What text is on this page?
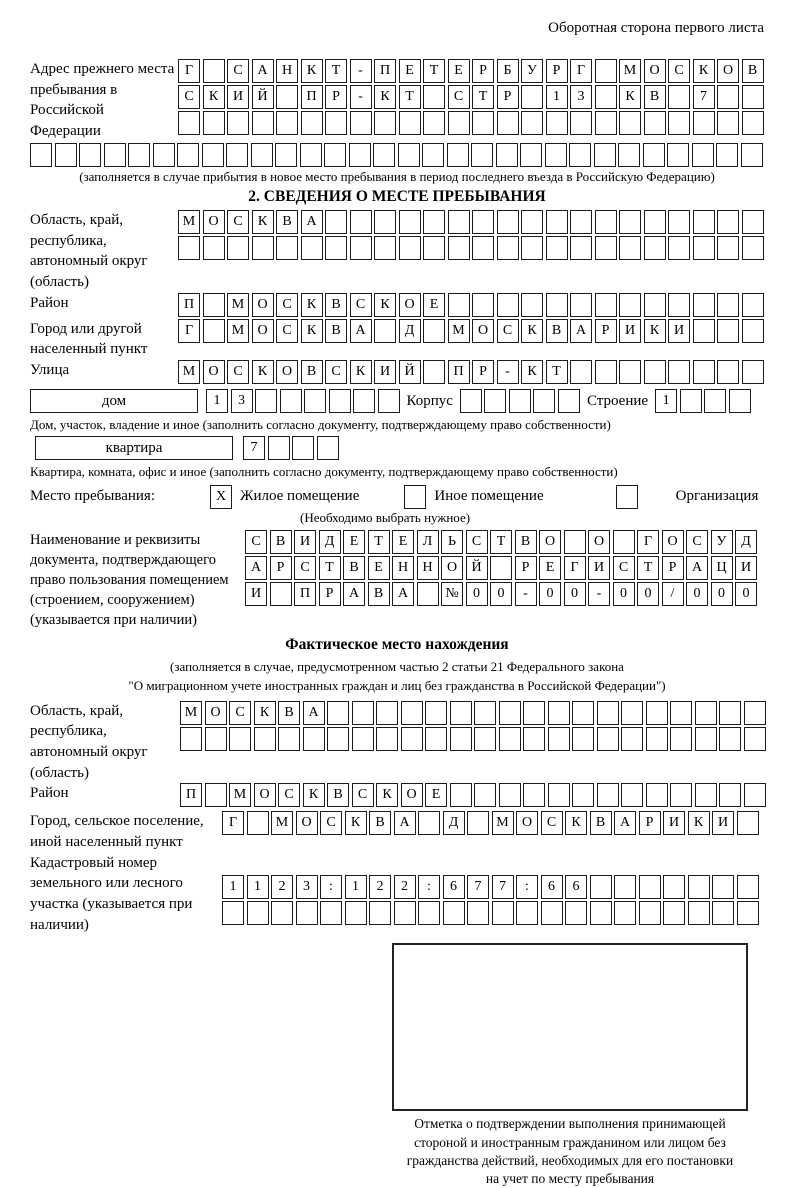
Оборотная сторона первого листа
Адрес прежнего места пребывания в Российской Федерации
Г	С	А	Н	К	Т	-	П	Е	Т	Е	Р	Б	У	Р	Г	М О	С	К	О	В
С	К	И	Й	П	Р	-	К	Т	С	Т	Р	1	3	К	В	7
(заполняется в случае прибытия в новое место пребывания в период последнего въезда в Российскую Федерацию)
2. СВЕДЕНИЯ О МЕСТЕ ПРЕБЫВАНИЯ
Область, край, республика, автономный округ (область)
М О	С	К	В	А
Район	П	М О	С	К	В	С	К	О	Е
Город или другой населенный пункт
Г	М О	С	К	В	А	Д	М О	С	К	В	А	Р	И	К	И
Улица	М О	С	К	О	В	С	К	И	Й	П	Р	-	К	Т
дом	1	3	Корпус	Строение	1
Дом, участок, владение и иное (заполнить согласно документу, подтверждающему право собственности)
квартира	7
Квартира, комната, офис и иное (заполнить согласно документу, подтверждающему право собственности)
Место пребывания:	X Жилое помещение	Иное помещение	Организация
(Необходимо выбрать нужное)
Наименование и реквизиты документа, подтверждающего право пользования помещением (строением, сооружением) (указывается при наличии)
С	В	И	Д	Е	Т	Е	Л	Ь	С	Т	В	О	О	Г	О	С	У	Д
А	Р	С	Т	В	Е	Н	Н	О	Й	Р	Е	Г	И	С	Т	Р	А	Ц	И
И	П	Р	А	В	А	№	0	0	-	0	0	-	0	0	/	0	0	0
Фактическое место нахождения
(заполняется в случае, предусмотренном частью 2 статьи 21 Федерального закона
"О миграционном учете иностранных граждан и лиц без гражданства в Российской Федерации")
Область, край, республика, автономный округ (область)
М О	С	К	В	А
Район	П	М О	С	К	В	С	К	О	Е
Город, сельское поселение, иной населенный пункт
Г	М О	С	К	В	А	Д	М О	С	К	В	А	Р	И	К	И
Кадастровый номер земельного или лесного участка (указывается при наличии)
1	1	2	3	:	1	2	2	:	6	7	7	:	6	6
Отметка о подтверждении выполнения принимающей
стороной и иностранным гражданином или лицом без
гражданства действий, необходимых для его постановки
на учет по месту пребывания
